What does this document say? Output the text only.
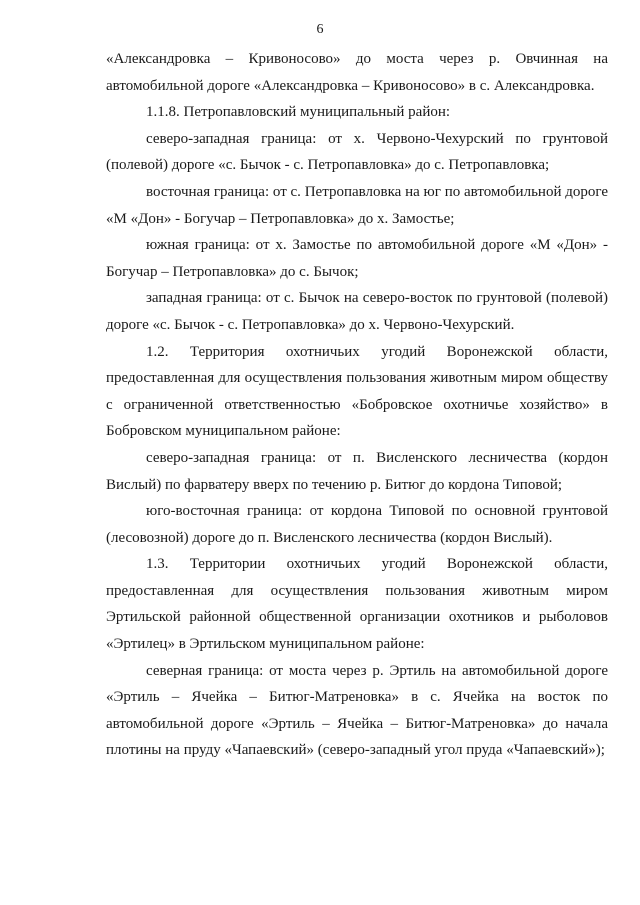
6

«Александровка – Кривоносово» до моста через р. Овчинная на автомобильной дороге «Александровка – Кривоносово» в с. Александровка.

1.1.8. Петропавловский муниципальный район:

северо-западная граница: от х. Червоно-Чехурский по грунтовой (полевой) дороге «с. Бычок - с. Петропавловка» до с. Петропавловка;

восточная граница: от с. Петропавловка на юг по автомобильной дороге «М «Дон» - Богучар – Петропавловка» до х. Замостье;

южная граница: от х. Замостье по автомобильной дороге «М «Дон» - Богучар – Петропавловка» до с. Бычок;

западная граница: от с. Бычок на северо-восток по грунтовой (полевой) дороге «с. Бычок - с. Петропавловка» до х. Червоно-Чехурский.

1.2. Территория охотничьих угодий Воронежской области, предоставленная для осуществления пользования животным миром обществу с ограниченной ответственностью «Бобровское охотничье хозяйство» в Бобровском муниципальном районе:

северо-западная граница: от п. Висленского лесничества (кордон Вислый) по фарватеру вверх по течению р. Битюг до кордона Типовой;

юго-восточная граница: от кордона Типовой по основной грунтовой (лесовозной) дороге до п. Висленского лесничества (кордон Вислый).

1.3. Территории охотничьих угодий Воронежской области, предоставленная для осуществления пользования животным миром Эртильской районной общественной организации охотников и рыболовов «Эртилец» в Эртильском муниципальном районе:

северная граница: от моста через р. Эртиль на автомобильной дороге «Эртиль – Ячейка – Битюг-Матреновка» в с. Ячейка на восток по автомобильной дороге «Эртиль – Ячейка – Битюг-Матреновка» до начала плотины на пруду «Чапаевский» (северо-западный угол пруда «Чапаевский»);
